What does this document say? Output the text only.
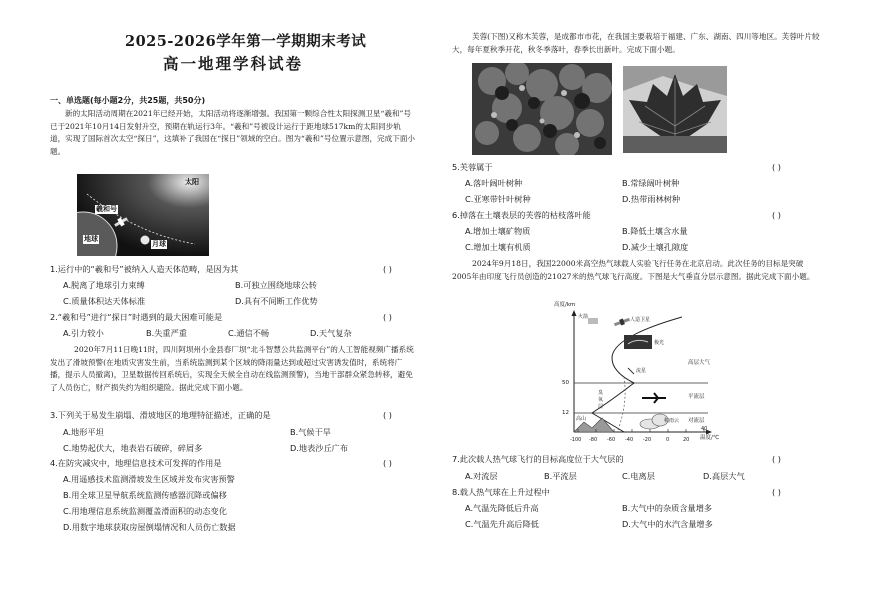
2025-2026学年第一学期期末考试
高一地理学科试卷
一、单选题(每小题2分，共25题，共50分)
新的太阳活动周期在2021年已经开始，太阳活动将逐渐增强。我国第一颗综合性太阳探测卫星“羲和”号已于2021年10月14日发射升空，预期在轨运行3年。“羲和”号被设计运行于距地球517km的太阳同步轨道，实现了国际首次太空“探日”，这填补了我国在“探日”领域的空白。图为“羲和”号位置示意图，完成下面小题。
太阳
羲和号
地球
月球
1.运行中的“羲和号”被纳入人造天体范畴，是因为其	( )
A.脱离了地球引力束缚	B.可独立围绕地球公转
C.质量体积达天体标准	D.具有不间断工作优势
2.“羲和号”进行“探日”时遇到的最大困难可能是	( )
A.引力较小	B.失重严重	C.通信不畅	D.天气复杂
2020年7月11日晚11时，四川阿坝州小金县春厂坝“北斗智慧公共监测平台”的人工智能视频广播系统发出了滑坡预警(在地质灾害发生前，当系统监测到某个区域的降雨量达到或超过灾害诱发值时，系统将广播，提示人员撤离)，卫星数据传回系统后，实现全天候全自动在线监测预警)，当地干部群众紧急转移，避免了人员伤亡，财产损失约为组织避险。据此完成下面小题。
3.下列关于易发生崩塌、滑坡地区的地理特征描述，正确的是	( )
A.地形平坦	B.气候干旱
C.地势起伏大，地表岩石破碎，碎屑多	D.地表沙丘广布
4.在防灾减灾中，地理信息技术可发挥的作用是	( )
A.用遥感技术监测滑坡发生区域并发布灾害预警
B.用全球卫星导航系统监测传感器沉降或偏移
C.用地理信息系统监测覆盖滑面积的动态变化
D.用数字地球获取房屋倒塌情况和人员伤亡数据
芙蓉(下图)又称木芙蓉，是成都市市花，在我国主要栽培于福建、广东、湖南、四川等地区。芙蓉叶片较大，每年夏秋季开花，秋冬季落叶，春季长出新叶。完成下面小题。
5.芙蓉属于	( )
A.落叶阔叶树种	B.常绿阔叶树种
C.亚寒带针叶树种	D.热带雨林树种
6.掉落在土壤表层的芙蓉的枯枝落叶能	( )
A.增加土壤矿物质	B.降低土壤含水量
C.增加土壤有机质	D.减少土壤孔隙度
2024年9月18日，我国22000米高空热气球载人实验飞行任务在北京启动。此次任务的目标是突破2005年由印度飞行员创造的21027米的热气球飞行高度。下图是大气垂直分层示意图。据此完成下面小题。
高度/km
温度/℃
50
12
-100 -80 -60 -40 -20	0	20
40
高层大气
平流层
对流层
极光
流星
人造卫星
火箭
高山	积雨云
臭
氧
层
7.此次载人热气球飞行的目标高度位于大气层的	( )
A.对流层	B.平流层	C.电离层	D.高层大气
8.载人热气球在上升过程中	( )
A.气温先降低后升高	B.大气中的杂质含量增多
C.气温先升高后降低	D.大气中的水汽含量增多
